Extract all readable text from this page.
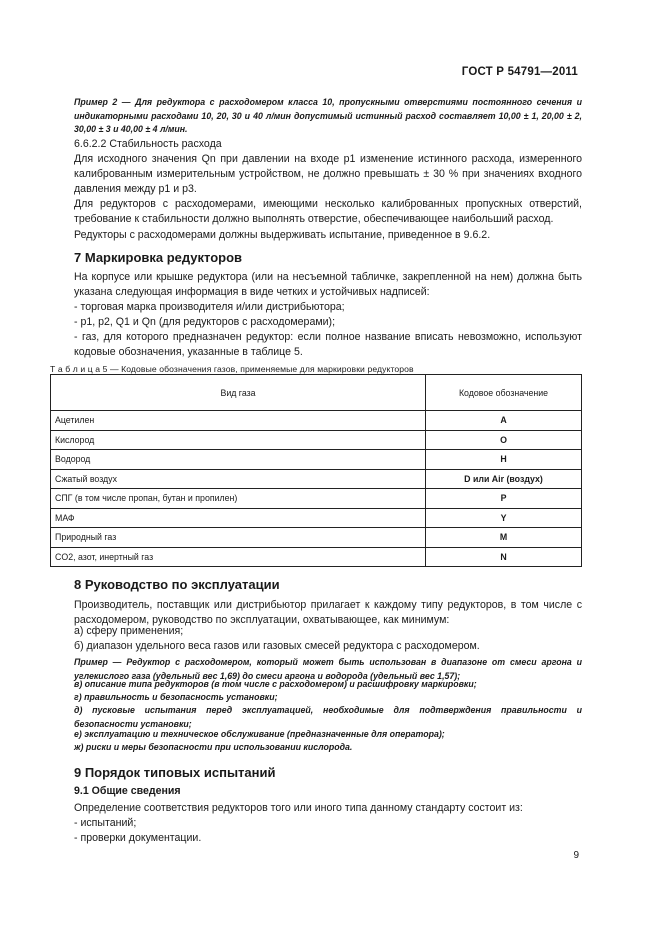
ГОСТ Р 54791—2011

Пример 2 — Для редуктора с расходомером класса 10, пропускными отверстиями постоянного сечения и индикаторными расходами 10, 20, 30 и 40 л/мин допустимый истинный расход составляет 10,00 ± 1, 20,00 ± 2, 30,00 ± 3 и 40,00 ± 4 л/мин.

6.6.2.2 Стабильность расхода

Для исходного значения Qn при давлении на входе p1 изменение истинного расхода, измеренного калиброванным измерительным устройством, не должно превышать ± 30 % при значениях входного давления между p1 и p3.

Для редукторов с расходомерами, имеющими несколько калиброванных пропускных отверстий, требование к стабильности должно выполнять отверстие, обеспечивающее наибольший расход.

Редукторы с расходомерами должны выдерживать испытание, приведенное в 9.6.2.

7 Маркировка редукторов

На корпусе или крышке редуктора (или на несъемной табличке, закрепленной на нем) должна быть указана следующая информация в виде четких и устойчивых надписей:

- торговая марка производителя и/или дистрибьютора;

- p1, p2, Q1 и Qn (для редукторов с расходомерами);

- газ, для которого предназначен редуктор: если полное название вписать невозможно, используют кодовые обозначения, указанные в таблице 5.

Т а б л и ц а 5 — Кодовые обозначения газов, применяемые для маркировки редукторов
Вид газа	Кодовое обозначение
Ацетилен	A
Кислород	O
Водород	H
Сжатый воздух	D или Air (воздух)
СПГ (в том числе пропан, бутан и пропилен)	P
МАФ	Y
Природный газ	M
CO2, азот, инертный газ	N
8 Руководство по эксплуатации

Производитель, поставщик или дистрибьютор прилагает к каждому типу редукторов, в том числе с расходомером, руководство по эксплуатации, охватывающее, как минимум:

а) сферу применения;

б) диапазон удельного веса газов или газовых смесей редуктора с расходомером.

Пример — Редуктор с расходомером, который может быть использован в диапазоне от смеси аргона и углекислого газа (удельный вес 1,69) до смеси аргона и водорода (удельный вес 1,57);

в) описание типа редукторов (в том числе с расходомером) и расшифровку маркировки;

г) правильность и безопасность установки;

д) пусковые испытания перед эксплуатацией, необходимые для подтверждения правильности и безопасности установки;

е) эксплуатацию и техническое обслуживание (предназначенные для оператора);

ж) риски и меры безопасности при использовании кислорода.

9 Порядок типовых испытаний
9.1 Общие сведения

Определение соответствия редукторов того или иного типа данному стандарту состоит из:

- испытаний;

- проверки документации.

9
